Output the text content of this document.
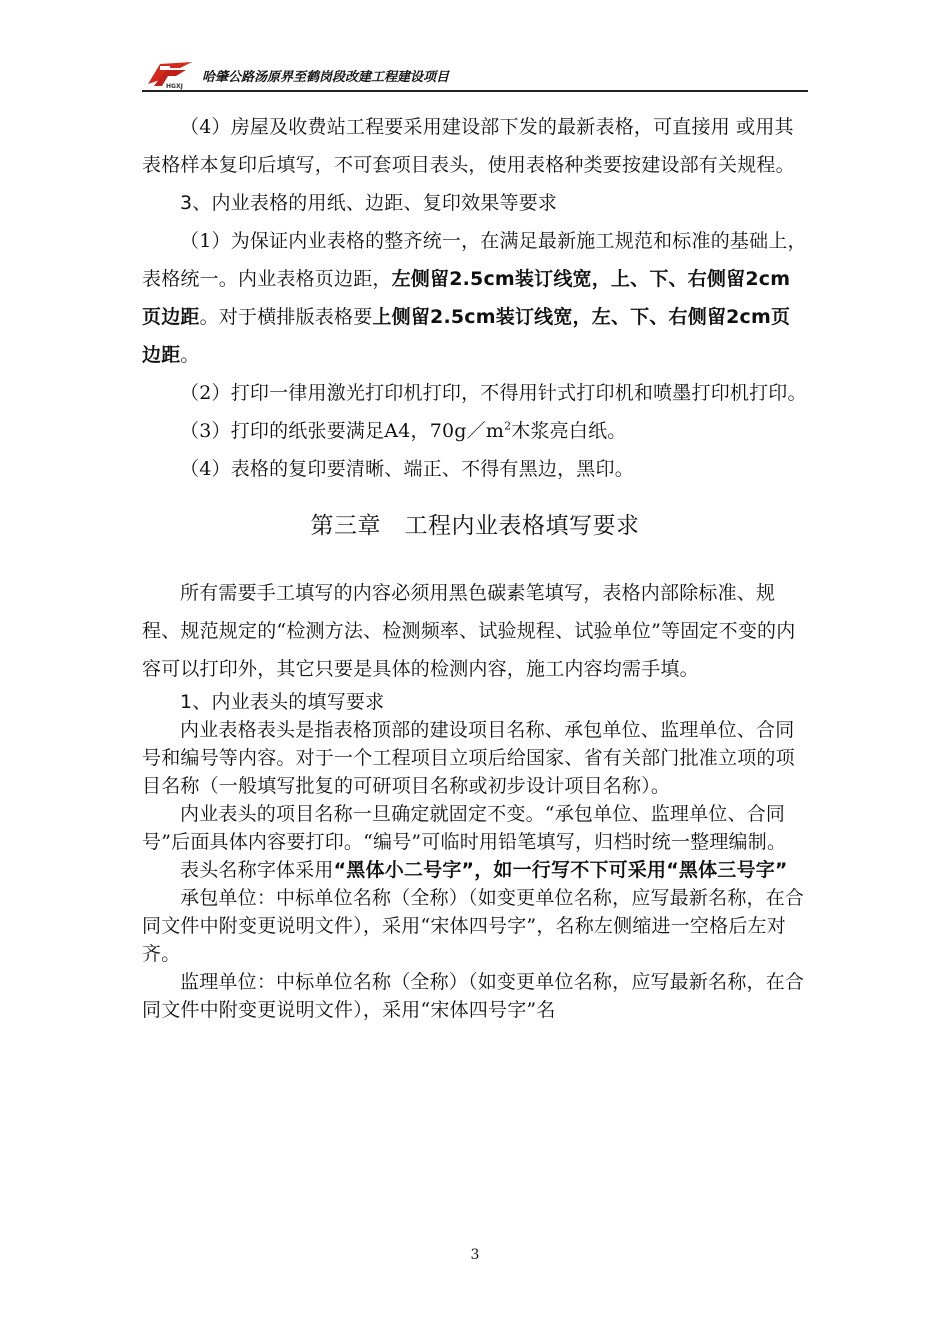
HGXJ
哈肇公路汤原界至鹤岗段改建工程建设项目

（4）房屋及收费站工程要采用建设部下发的最新表格，可直接用 或用其表格样本复印后填写，不可套项目表头，使用表格种类要按建设部有关规程。

3、内业表格的用纸、边距、复印效果等要求

（1）为保证内业表格的整齐统一，在满足最新施工规范和标准的基础上，表格统一。内业表格页边距，左侧留2.5cm装订线宽，上、下、右侧留2cm页边距。对于横排版表格要上侧留2.5cm装订线宽，左、下、右侧留2cm页边距。

（2）打印一律用激光打印机打印，不得用针式打印机和喷墨打印机打印。

（3）打印的纸张要满足A4，$70g/m^2$木浆亮白纸。

（4）表格的复印要清晰、端正、不得有黑边，黑印。

第三章　工程内业表格填写要求

所有需要手工填写的内容必须用黑色碳素笔填写，表格内部除标准、规程、规范规定的“检测方法、检测频率、试验规程、试验单位”等固定不变的内容可以打印外，其它只要是具体的检测内容，施工内容均需手填。

1、内业表头的填写要求

内业表格表头是指表格顶部的建设项目名称、承包单位、监理单位、合同号和编号等内容。对于一个工程项目立项后给国家、省有关部门批准立项的项目名称（一般填写批复的可研项目名称或初步设计项目名称）。

内业表头的项目名称一旦确定就固定不变。“承包单位、监理单位、合同号”后面具体内容要打印。“编号”可临时用铅笔填写，归档时统一整理编制。

表头名称字体采用“黑体小二号字”，如一行写不下可采用“黑体三号字”

承包单位：中标单位名称（全称）（如变更单位名称，应写最新名称，在合同文件中附变更说明文件），采用“宋体四号字”，名称左侧缩进一空格后左对齐。

监理单位：中标单位名称（全称）（如变更单位名称，应写最新名称，在合同文件中附变更说明文件），采用“宋体四号字”名

3
